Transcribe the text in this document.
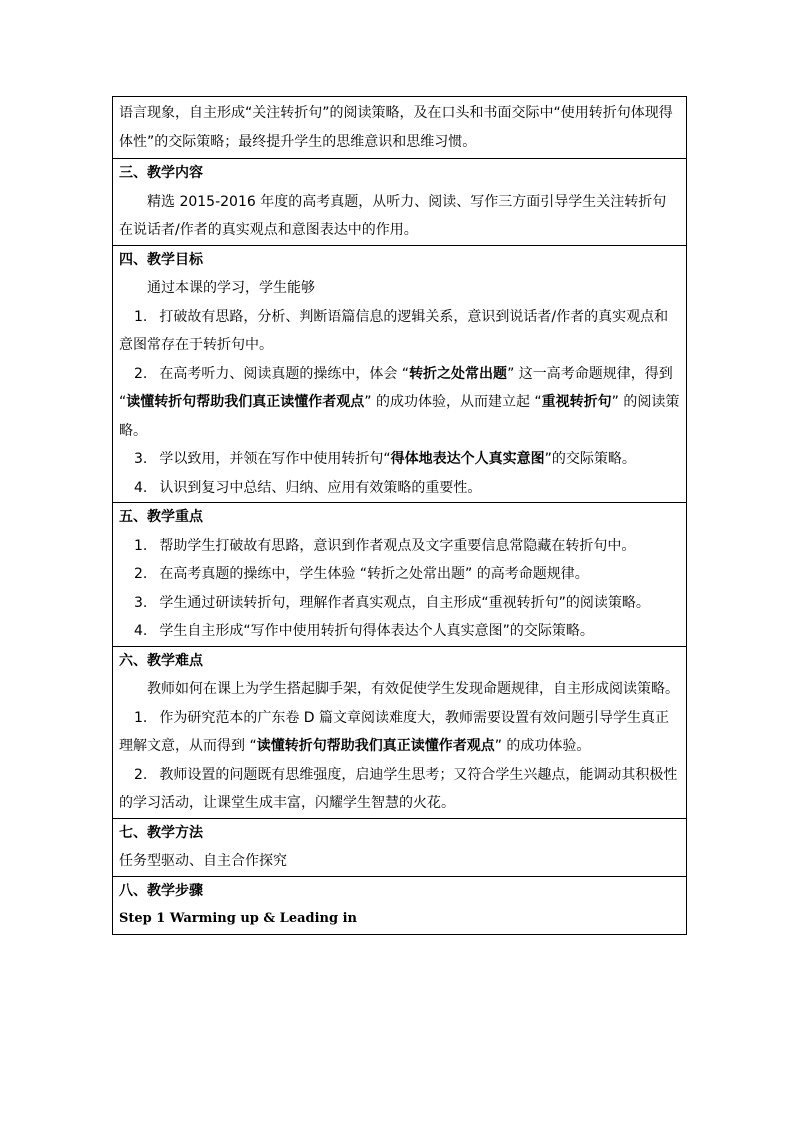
语言现象，自主形成“关注转折句”的阅读策略，及在口头和书面交际中“使用转折句体现得体性”的交际策略；最终提升学生的思维意识和思维习惯。

三、教学内容

精选 2015-2016 年度的高考真题，从听力、阅读、写作三方面引导学生关注转折句在说话者/作者的真实观点和意图表达中的作用。

四、教学目标

通过本课的学习，学生能够

1. 打破故有思路，分析、判断语篇信息的逻辑关系，意识到说话者/作者的真实观点和意图常存在于转折句中。

2. 在高考听力、阅读真题的操练中，体会 “转折之处常出题” 这一高考命题规律，得到 “读懂转折句帮助我们真正读懂作者观点” 的成功体验，从而建立起 “重视转折句” 的阅读策略。

3. 学以致用，并领在写作中使用转折句“得体地表达个人真实意图”的交际策略。

4. 认识到复习中总结、归纳、应用有效策略的重要性。

五、教学重点

1. 帮助学生打破故有思路，意识到作者观点及文字重要信息常隐藏在转折句中。

2. 在高考真题的操练中，学生体验 “转折之处常出题” 的高考命题规律。

3. 学生通过研读转折句，理解作者真实观点，自主形成“重视转折句”的阅读策略。

4. 学生自主形成“写作中使用转折句得体表达个人真实意图”的交际策略。

六、教学难点

教师如何在课上为学生搭起脚手架，有效促使学生发现命题规律，自主形成阅读策略。

1. 作为研究范本的广东卷 D 篇文章阅读难度大，教师需要设置有效问题引导学生真正理解文意，从而得到 “读懂转折句帮助我们真正读懂作者观点” 的成功体验。

2. 教师设置的问题既有思维强度，启迪学生思考；又符合学生兴趣点，能调动其积极性的学习活动，让课堂生成丰富，闪耀学生智慧的火花。

七、教学方法
任务型驱动、自主合作探究

八、教学步骤
Step 1 Warming up & Leading in
